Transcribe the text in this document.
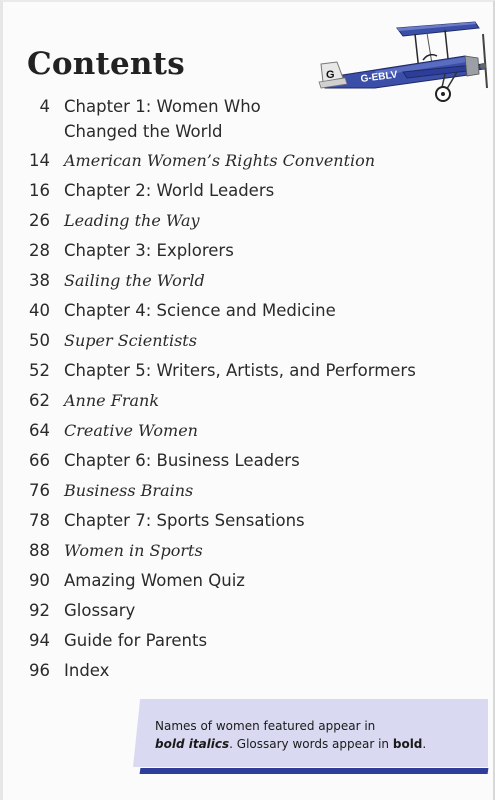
Contents	G	G-EBLV
4 Chapter 1: Women Who
Changed the World
14 American Women’s Rights Convention
16 Chapter 2: World Leaders
26 Leading the Way
28 Chapter 3: Explorers
38 Sailing the World
40 Chapter 4: Science and Medicine
50 Super Scientists
52 Chapter 5: Writers, Artists, and Performers
62 Anne Frank
64 Creative Women
66 Chapter 6: Business Leaders
76 Business Brains
78 Chapter 7: Sports Sensations
88 Women in Sports
90 Amazing Women Quiz
92 Glossary
94 Guide for Parents
96 Index
Names of women featured appear in
bold italics. Glossary words appear in bold.
